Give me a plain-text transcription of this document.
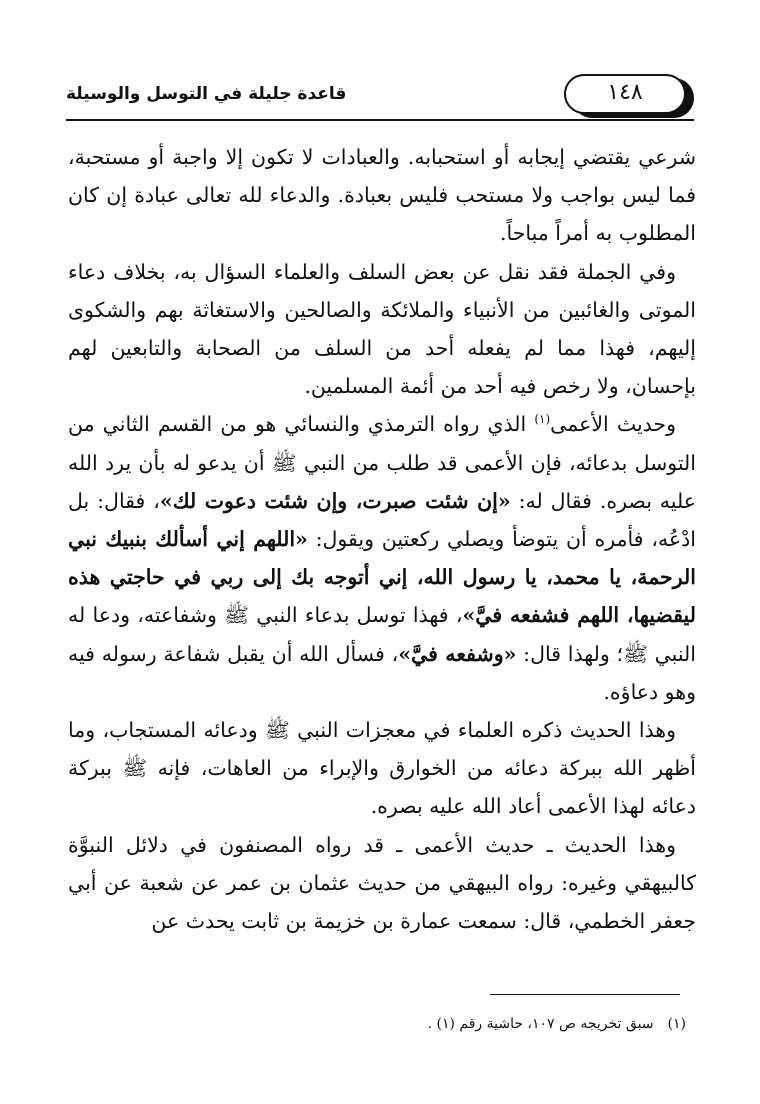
قاعدة جليلة في التوسل والوسيلة	١٤٨

شرعي يقتضي إيجابه أو استحبابه. والعبادات لا تكون إلا واجبة أو مستحبة، فما ليس بواجب ولا مستحب فليس بعبادة. والدعاء لله تعالى عبادة إن كان المطلوب به أمراً مباحاً.

وفي الجملة فقد نقل عن بعض السلف والعلماء السؤال به، بخلاف دعاء الموتى والغائبين من الأنبياء والملائكة والصالحين والاستغاثة بهم والشكوى إليهم، فهذا مما لم يفعله أحد من السلف من الصحابة والتابعين لهم بإحسان، ولا رخص فيه أحد من أئمة المسلمين.

وحديث الأعمى$^{(١)}$ الذي رواه الترمذي والنسائي هو من القسم الثاني من التوسل بدعائه، فإن الأعمى قد طلب من النبي ﷺ أن يدعو له بأن يرد الله عليه بصره. فقال له: «إن شئت صبرت، وإن شئت دعوت لك»، فقال: بل ادْعُه، فأمره أن يتوضأ ويصلي ركعتين ويقول: «اللهم إني أسألك بنبيك نبي الرحمة، يا محمد، يا رسول الله، إني أتوجه بك إلى ربي في حاجتي هذه ليقضيها، اللهم فشفعه فيَّ»، فهذا توسل بدعاء النبي ﷺ وشفاعته، ودعا له النبي ﷺ؛ ولهذا قال: «وشفعه فيَّ»، فسأل الله أن يقبل شفاعة رسوله فيه وهو دعاؤه.

وهذا الحديث ذكره العلماء في معجزات النبي ﷺ ودعائه المستجاب، وما أظهر الله ببركة دعائه من الخوارق والإبراء من العاهات، فإنه ﷺ ببركة دعائه لهذا الأعمى أعاد الله عليه بصره.

وهذا الحديث ـ حديث الأعمى ـ قد رواه المصنفون في دلائل النبوَّة كالبيهقي وغيره: رواه البيهقي من حديث عثمان بن عمر عن شعبة عن أبي جعفر الخطمي، قال: سمعت عمارة بن خزيمة بن ثابت يحدث عن

(١)سبق تخريجه ص ١٠٧، حاشية رقم (١) .
